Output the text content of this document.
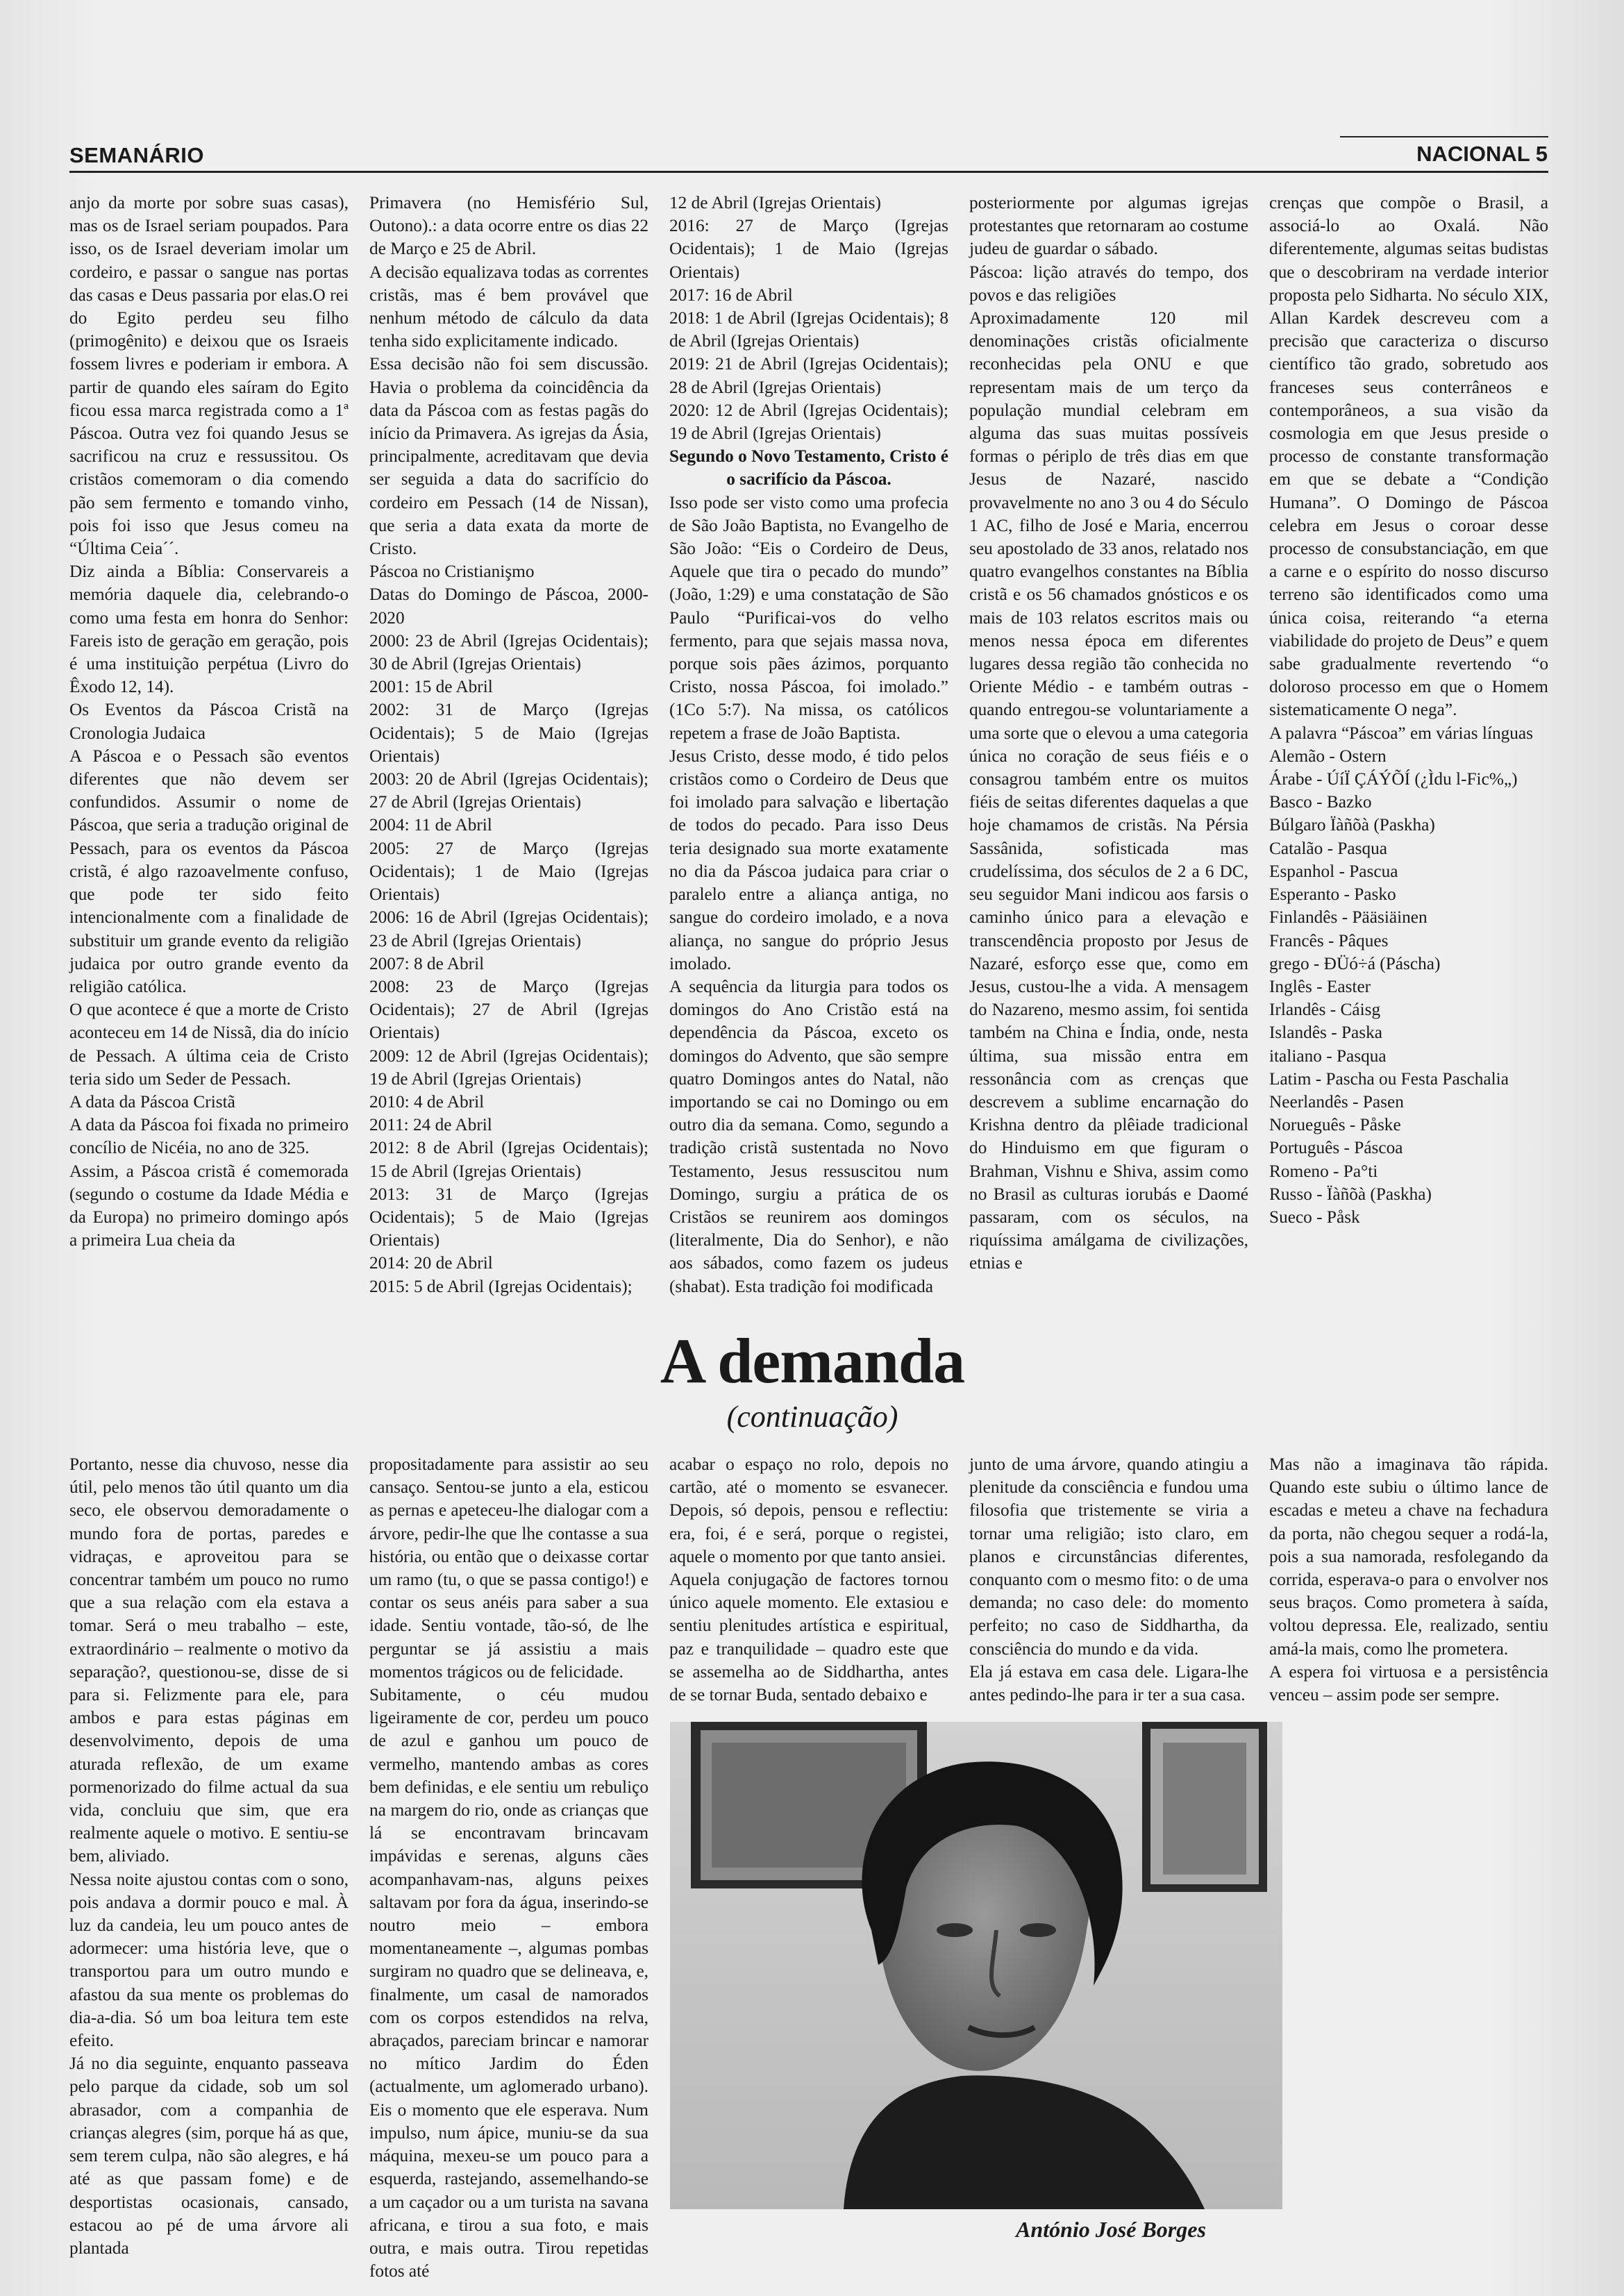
SEMANÁRIO	NACIONAL 5

anjo da morte por sobre suas casas), mas os de Israel seriam poupados. Para isso, os de Israel deveriam imolar um cordeiro, e passar o sangue nas portas das casas e Deus passaria por elas.O rei do Egito perdeu seu filho (primogênito) e deixou que os Israeis fossem livres e poderiam ir embora. A partir de quando eles saíram do Egito ficou essa marca registrada como a 1ª Páscoa. Outra vez foi quando Jesus se sacrificou na cruz e ressussitou. Os cristãos comemoram o dia comendo pão sem fermento e tomando vinho, pois foi isso que Jesus comeu na “Última Ceia´´.

Diz ainda a Bíblia: Conservareis a memória daquele dia, celebrando-o como uma festa em honra do Senhor: Fareis isto de geração em geração, pois é uma instituição perpétua (Livro do Êxodo 12, 14).

Os Eventos da Páscoa Cristã na Cronologia Judaica

A Páscoa e o Pessach são eventos diferentes que não devem ser confundidos. Assumir o nome de Páscoa, que seria a tradução original de Pessach, para os eventos da Páscoa cristã, é algo razoavelmente confuso, que pode ter sido feito intencionalmente com a finalidade de substituir um grande evento da religião judaica por outro grande evento da religião católica.

O que acontece é que a morte de Cristo aconteceu em 14 de Nissã, dia do início de Pessach. A última ceia de Cristo teria sido um Seder de Pessach.

A data da Páscoa Cristã

A data da Páscoa foi fixada no primeiro concílio de Nicéia, no ano de 325.

Assim, a Páscoa cristã é comemorada (segundo o costume da Idade Média e da Europa) no primeiro domingo após a primeira Lua cheia da

Primavera (no Hemisfério Sul, Outono).: a data ocorre entre os dias 22 de Março e 25 de Abril.

A decisão equalizava todas as correntes cristãs, mas é bem provável que nenhum método de cálculo da data tenha sido explicitamente indicado.

Essa decisão não foi sem discussão. Havia o problema da coincidência da data da Páscoa com as festas pagãs do início da Primavera. As igrejas da Ásia, principalmente, acreditavam que devia ser seguida a data do sacrifício do cordeiro em Pessach (14 de Nissan), que seria a data exata da morte de Cristo.

Páscoa no Cristianişmo

Datas do Domingo de Páscoa, 2000-2020

2000: 23 de Abril (Igrejas Ocidentais); 30 de Abril (Igrejas Orientais)

2001: 15 de Abril

2002: 31 de Março (Igrejas Ocidentais); 5 de Maio (Igrejas Orientais)

2003: 20 de Abril (Igrejas Ocidentais); 27 de Abril (Igrejas Orientais)

2004: 11 de Abril

2005: 27 de Março (Igrejas Ocidentais); 1 de Maio (Igrejas Orientais)

2006: 16 de Abril (Igrejas Ocidentais); 23 de Abril (Igrejas Orientais)

2007: 8 de Abril

2008: 23 de Março (Igrejas Ocidentais); 27 de Abril (Igrejas Orientais)

2009: 12 de Abril (Igrejas Ocidentais); 19 de Abril (Igrejas Orientais)

2010: 4 de Abril

2011: 24 de Abril

2012: 8 de Abril (Igrejas Ocidentais); 15 de Abril (Igrejas Orientais)

2013: 31 de Março (Igrejas Ocidentais); 5 de Maio (Igrejas Orientais)

2014: 20 de Abril

2015: 5 de Abril (Igrejas Ocidentais);

12 de Abril (Igrejas Orientais)

2016: 27 de Março (Igrejas Ocidentais); 1 de Maio (Igrejas Orientais)

2017: 16 de Abril

2018: 1 de Abril (Igrejas Ocidentais); 8 de Abril (Igrejas Orientais)

2019: 21 de Abril (Igrejas Ocidentais); 28 de Abril (Igrejas Orientais)

2020: 12 de Abril (Igrejas Ocidentais); 19 de Abril (Igrejas Orientais)

Segundo o Novo Testamento, Cristo é o sacrifício da Páscoa.

Isso pode ser visto como uma profecia de São João Baptista, no Evangelho de São João: “Eis o Cordeiro de Deus, Aquele que tira o pecado do mundo” (João, 1:29) e uma constatação de São Paulo “Purificai-vos do velho fermento, para que sejais massa nova, porque sois pães ázimos, porquanto Cristo, nossa Páscoa, foi imolado.” (1Co 5:7). Na missa, os católicos repetem a frase de João Baptista.

Jesus Cristo, desse modo, é tido pelos cristãos como o Cordeiro de Deus que foi imolado para salvação e libertação de todos do pecado. Para isso Deus teria designado sua morte exatamente no dia da Páscoa judaica para criar o paralelo entre a aliança antiga, no sangue do cordeiro imolado, e a nova aliança, no sangue do próprio Jesus imolado.

A sequência da liturgia para todos os domingos do Ano Cristão está na dependência da Páscoa, exceto os domingos do Advento, que são sempre quatro Domingos antes do Natal, não importando se cai no Domingo ou em outro dia da semana. Como, segundo a tradição cristã sustentada no Novo Testamento, Jesus ressuscitou num Domingo, surgiu a prática de os Cristãos se reunirem aos domingos (literalmente, Dia do Senhor), e não aos sábados, como fazem os judeus (shabat). Esta tradição foi modificada

posteriormente por algumas igrejas protestantes que retornaram ao costume judeu de guardar o sábado.

Páscoa: lição através do tempo, dos povos e das religiões

Aproximadamente 120 mil denominações cristãs oficialmente reconhecidas pela ONU e que representam mais de um terço da população mundial celebram em alguma das suas muitas possíveis formas o périplo de três dias em que Jesus de Nazaré, nascido provavelmente no ano 3 ou 4 do Século 1 AC, filho de José e Maria, encerrou seu apostolado de 33 anos, relatado nos quatro evangelhos constantes na Bíblia cristã e os 56 chamados gnósticos e os mais de 103 relatos escritos mais ou menos nessa época em diferentes lugares dessa região tão conhecida no Oriente Médio - e também outras - quando entregou-se voluntariamente a uma sorte que o elevou a uma categoria única no coração de seus fiéis e o consagrou também entre os muitos fiéis de seitas diferentes daquelas a que hoje chamamos de cristãs. Na Pérsia Sassânida, sofisticada mas crudelíssima, dos séculos de 2 a 6 DC, seu seguidor Mani indicou aos farsis o caminho único para a elevação e transcendência proposto por Jesus de Nazaré, esforço esse que, como em Jesus, custou-lhe a vida. A mensagem do Nazareno, mesmo assim, foi sentida também na China e Índia, onde, nesta última, sua missão entra em ressonância com as crenças que descrevem a sublime encarnação do Krishna dentro da plêiade tradicional do Hinduismo em que figuram o Brahman, Vishnu e Shiva, assim como no Brasil as culturas iorubás e Daomé passaram, com os séculos, na riquíssima amálgama de civilizações, etnias e

crenças que compõe o Brasil, a associá-lo ao Oxalá. Não diferentemente, algumas seitas budistas que o descobriram na verdade interior proposta pelo Sidharta. No século XIX, Allan Kardek descreveu com a precisão que caracteriza o discurso científico tão grado, sobretudo aos franceses seus conterrâneos e contemporâneos, a sua visão da cosmologia em que Jesus preside o processo de constante transformação em que se debate a “Condição Humana”. O Domingo de Páscoa celebra em Jesus o coroar desse processo de consubstanciação, em que a carne e o espírito do nosso discurso terreno são identificados como uma única coisa, reiterando “a eterna viabilidade do projeto de Deus” e quem sabe gradualmente revertendo “o doloroso processo em que o Homem sistematicamente O nega”.

A palavra “Páscoa” em várias línguas

Alemão - Ostern

Árabe - ÚíÏ ÇÁÝÕÍ (¿Ìdu l-Fic%„)

Basco - Bazko

Búlgaro Ïàñõà (Paskha)

Catalão - Pasqua

Espanhol - Pascua

Esperanto - Pasko

Finlandês - Pääsiäinen

Francês - Pâques

grego - ÐÜó÷á (Páscha)

Inglês - Easter

Irlandês - Cáisg

Islandês - Paska

italiano - Pasqua

Latim - Pascha ou Festa Paschalia

Neerlandês - Pasen

Norueguês - Påske

Português - Páscoa

Romeno - Pa°ti

Russo - Ïàñõà (Paskha)

Sueco - Påsk

A demanda
(continuação)

Portanto, nesse dia chuvoso, nesse dia útil, pelo menos tão útil quanto um dia seco, ele observou demoradamente o mundo fora de portas, paredes e vidraças, e aproveitou para se concentrar também um pouco no rumo que a sua relação com ela estava a tomar. Será o meu trabalho – este, extraordinário – realmente o motivo da separação?, questionou-se, disse de si para si. Felizmente para ele, para ambos e para estas páginas em desenvolvimento, depois de uma aturada reflexão, de um exame pormenorizado do filme actual da sua vida, concluiu que sim, que era realmente aquele o motivo. E sentiu-se bem, aliviado.

Nessa noite ajustou contas com o sono, pois andava a dormir pouco e mal. À luz da candeia, leu um pouco antes de adormecer: uma história leve, que o transportou para um outro mundo e afastou da sua mente os problemas do dia-a-dia. Só um boa leitura tem este efeito.

Já no dia seguinte, enquanto passeava pelo parque da cidade, sob um sol abrasador, com a companhia de crianças alegres (sim, porque há as que, sem terem culpa, não são alegres, e há até as que passam fome) e de desportistas ocasionais, cansado, estacou ao pé de uma árvore ali plantada

propositadamente para assistir ao seu cansaço. Sentou-se junto a ela, esticou as pernas e apeteceu-lhe dialogar com a árvore, pedir-lhe que lhe contasse a sua história, ou então que o deixasse cortar um ramo (tu, o que se passa contigo!) e contar os seus anéis para saber a sua idade. Sentiu vontade, tão-só, de lhe perguntar se já assistiu a mais momentos trágicos ou de felicidade.

Subitamente, o céu mudou ligeiramente de cor, perdeu um pouco de azul e ganhou um pouco de vermelho, mantendo ambas as cores bem definidas, e ele sentiu um rebuliço na margem do rio, onde as crianças que lá se encontravam brincavam impávidas e serenas, alguns cães acompanhavam-nas, alguns peixes saltavam por fora da água, inserindo-se noutro meio – embora momentaneamente –, algumas pombas surgiram no quadro que se delineava, e, finalmente, um casal de namorados com os corpos estendidos na relva, abraçados, pareciam brincar e namorar no mítico Jardim do Éden (actualmente, um aglomerado urbano). Eis o momento que ele esperava. Num impulso, num ápice, muniu-se da sua máquina, mexeu-se um pouco para a esquerda, rastejando, assemelhando-se a um caçador ou a um turista na savana africana, e tirou a sua foto, e mais outra, e mais outra. Tirou repetidas fotos até

acabar o espaço no rolo, depois no cartão, até o momento se esvanecer. Depois, só depois, pensou e reflectiu: era, foi, é e será, porque o registei, aquele o momento por que tanto ansiei.

Aquela conjugação de factores tornou único aquele momento. Ele extasiou e sentiu plenitudes artística e espiritual, paz e tranquilidade – quadro este que se assemelha ao de Siddhartha, antes de se tornar Buda, sentado debaixo e

junto de uma árvore, quando atingiu a plenitude da consciência e fundou uma filosofia que tristemente se viria a tornar uma religião; isto claro, em planos e circunstâncias diferentes, conquanto com o mesmo fito: o de uma demanda; no caso dele: do momento perfeito; no caso de Siddhartha, da consciência do mundo e da vida.

Ela já estava em casa dele. Ligara-lhe antes pedindo-lhe para ir ter a sua casa.

Mas não a imaginava tão rápida. Quando este subiu o último lance de escadas e meteu a chave na fechadura da porta, não chegou sequer a rodá-la, pois a sua namorada, resfolegando da corrida, esperava-o para o envolver nos seus braços. Como prometera à saída, voltou depressa. Ele, realizado, sentiu amá-la mais, como lhe prometera.

A espera foi virtuosa e a persistência venceu – assim pode ser sempre.

António José Borges
